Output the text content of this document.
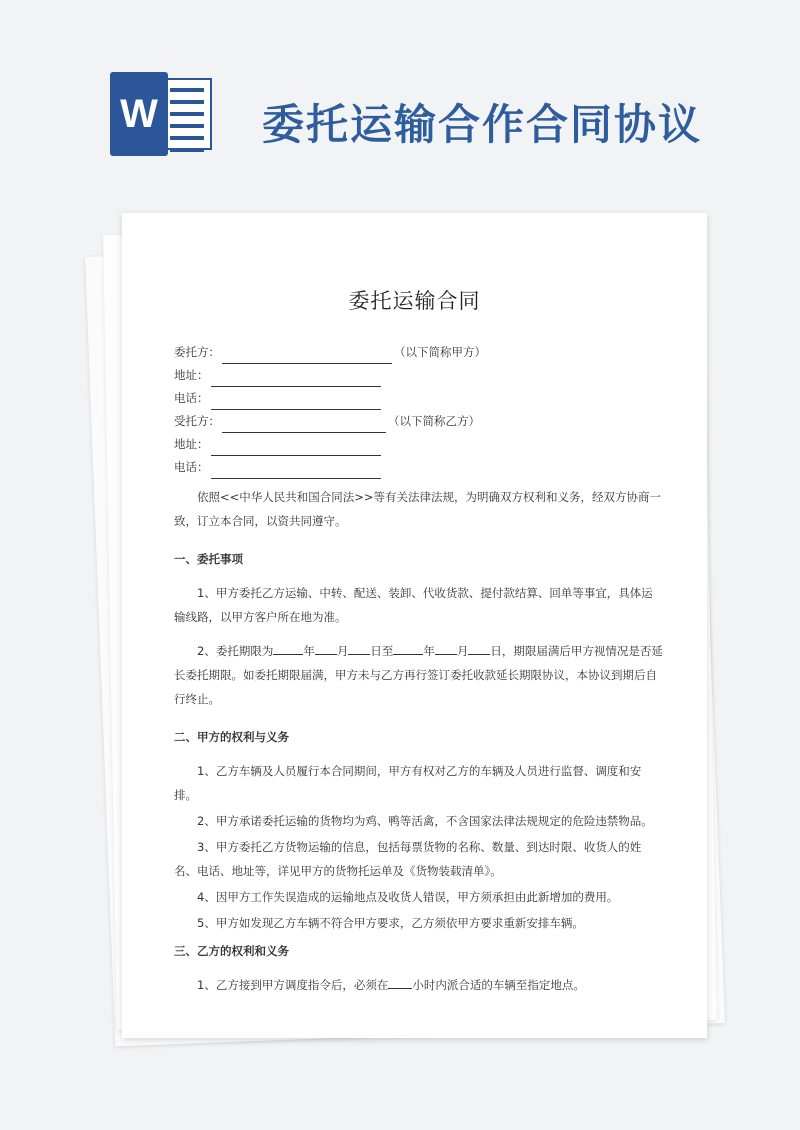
W 委托运输合作合同协议
委托运输合同
委托方：	（以下简称甲方）
地址：
电话：
受托方：	（以下简称乙方）
地址：
电话：

依照<<中华人民共和国合同法>>等有关法律法规，为明确双方权利和义务，经双方协商一致，订立本合同，以资共同遵守。

一、委托事项

1、甲方委托乙方运输、中转、配送、装卸、代收货款、提付款结算、回单等事宜，具体运输线路，以甲方客户所在地为准。

2、委托期限为	年 月 日至	年 月 日，期限届满后甲方视情况是否延长委托期限。如委托期限届满，甲方未与乙方再行签订委托收款延长期限协议，本协议到期后自行终止。

二、甲方的权利与义务

1、乙方车辆及人员履行本合同期间，甲方有权对乙方的车辆及人员进行监督、调度和安排。

2、甲方承诺委托运输的货物均为鸡、鸭等活禽，不含国家法律法规规定的危险违禁物品。

3、甲方委托乙方货物运输的信息，包括每票货物的名称、数量、到达时限、收货人的姓名、电话、地址等，详见甲方的货物托运单及《货物装载清单》。

4、因甲方工作失误造成的运输地点及收货人错误，甲方须承担由此新增加的费用。

5、甲方如发现乙方车辆不符合甲方要求，乙方须依甲方要求重新安排车辆。

三、乙方的权利和义务

1、乙方接到甲方调度指令后，必须在 小时内派合适的车辆至指定地点。
